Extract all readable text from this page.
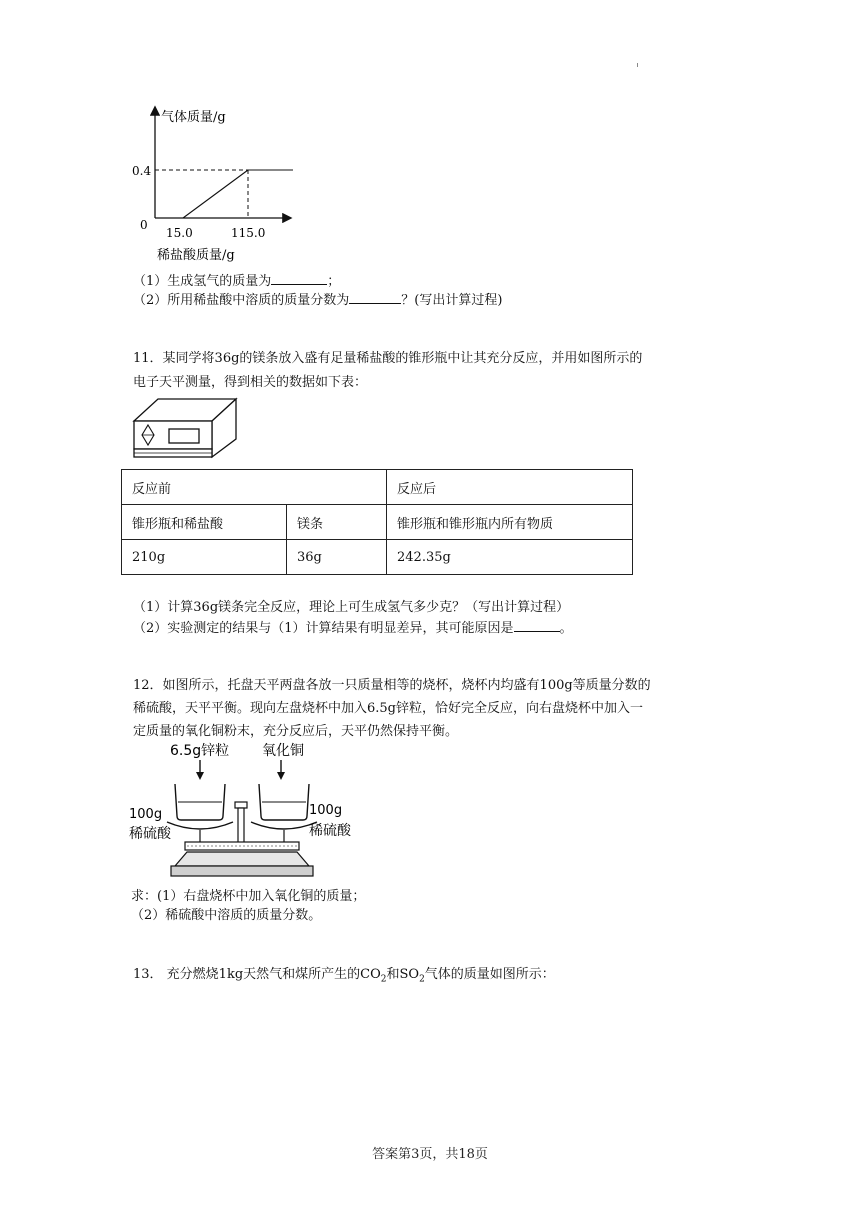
气体质量/g
0.4
0
15.0	115.0
稀盐酸质量/g
（1）生成氢气的质量为	；
（2）所用稀盐酸中溶质的质量分数为	？(写出计算过程)
11．某同学将36g的镁条放入盛有足量稀盐酸的锥形瓶中让其充分反应，并用如图所示的
电子天平测量，得到相关的数据如下表：
反应前		反应后
锥形瓶和稀盐酸	镁条	锥形瓶和锥形瓶内所有物质
210g	36g	242.35g
（1）计算36g镁条完全反应，理论上可生成氢气多少克？（写出计算过程）
（2）实验测定的结果与（1）计算结果有明显差异，其可能原因是	。
12．如图所示，托盘天平两盘各放一只质量相等的烧杯，烧杯内均盛有100g等质量分数的
稀硫酸，天平平衡。现向左盘烧杯中加入6.5g锌粒，恰好完全反应，向右盘烧杯中加入一
定质量的氧化铜粉末，充分反应后，天平仍然保持平衡。
6.5g锌粒 氧化铜
100g
稀硫酸
100g
稀硫酸
求：(1）右盘烧杯中加入氧化铜的质量；
（2）稀硫酸中溶质的质量分数。
13． 充分燃烧1kg天然气和煤所产生的$CO_2$和$SO_2$气体的质量如图所示：
答案第3页，共18页
